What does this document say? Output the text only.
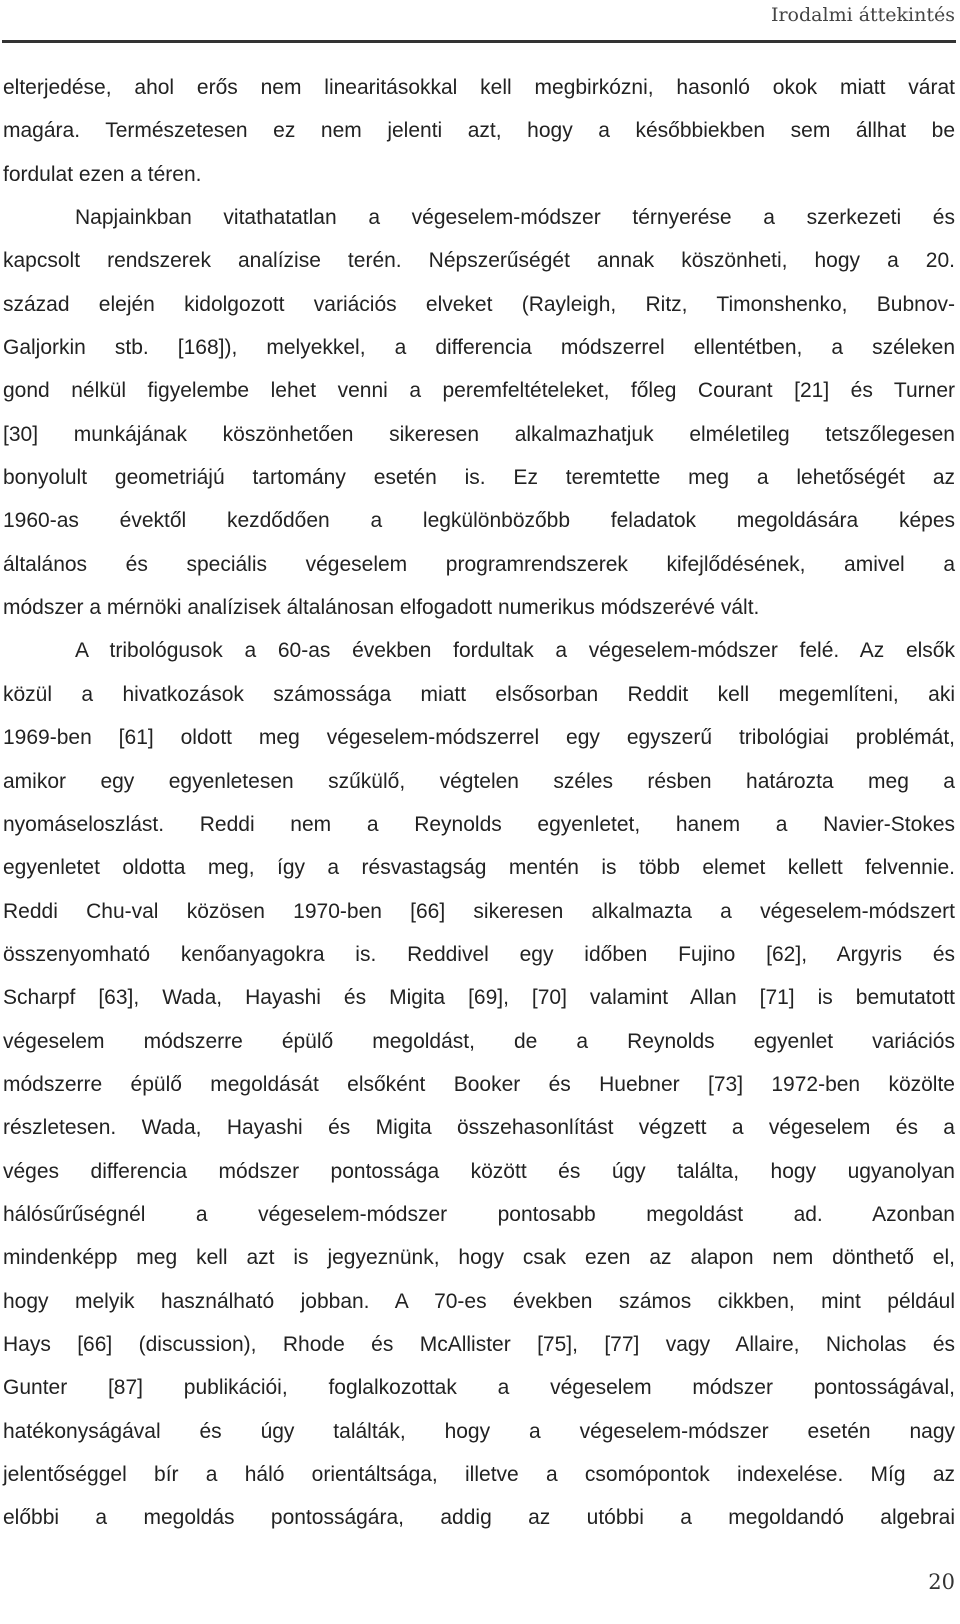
Irodalmi áttekintés
elterjedése, ahol erős nem linearitásokkal kell megbirkózni, hasonló okok miatt várat
magára. Természetesen ez nem jelenti azt, hogy a későbbiekben sem állhat be
fordulat ezen a téren.
Napjainkban vitathatatlan a végeselem-módszer térnyerése a szerkezeti és
kapcsolt rendszerek analízise terén. Népszerűségét annak köszönheti, hogy a 20.
század elején kidolgozott variációs elveket (Rayleigh, Ritz, Timonshenko, Bubnov-
Galjorkin stb. [168]), melyekkel, a differencia módszerrel ellentétben, a széleken
gond nélkül figyelembe lehet venni a peremfeltételeket, főleg Courant [21] és Turner
[30] munkájának köszönhetően sikeresen alkalmazhatjuk elméletileg tetszőlegesen
bonyolult geometriájú tartomány esetén is. Ez teremtette meg a lehetőségét az
1960-as évektől kezdődően a legkülönbözőbb feladatok megoldására képes
általános és speciális végeselem programrendszerek kifejlődésének, amivel a
módszer a mérnöki analízisek általánosan elfogadott numerikus módszerévé vált.
A tribológusok a 60-as években fordultak a végeselem-módszer felé. Az elsők
közül a hivatkozások számossága miatt elsősorban Reddit kell megemlíteni, aki
1969-ben [61] oldott meg végeselem-módszerrel egy egyszerű tribológiai problémát,
amikor egy egyenletesen szűkülő, végtelen széles résben határozta meg a
nyomáseloszlást. Reddi nem a Reynolds egyenletet, hanem a Navier-Stokes
egyenletet oldotta meg, így a résvastagság mentén is több elemet kellett felvennie.
Reddi Chu-val közösen 1970-ben [66] sikeresen alkalmazta a végeselem-módszert
összenyomható kenőanyagokra is. Reddivel egy időben Fujino [62], Argyris és
Scharpf [63], Wada, Hayashi és Migita [69], [70] valamint Allan [71] is bemutatott
végeselem módszerre épülő megoldást, de a Reynolds egyenlet variációs
módszerre épülő megoldását elsőként Booker és Huebner [73] 1972-ben közölte
részletesen. Wada, Hayashi és Migita összehasonlítást végzett a végeselem és a
véges differencia módszer pontossága között és úgy találta, hogy ugyanolyan
hálósűrűségnél a végeselem-módszer pontosabb megoldást ad. Azonban
mindenképp meg kell azt is jegyeznünk, hogy csak ezen az alapon nem dönthető el,
hogy melyik használható jobban. A 70-es években számos cikkben, mint például
Hays [66] (discussion), Rhode és McAllister [75], [77] vagy Allaire, Nicholas és
Gunter [87] publikációi, foglalkozottak a végeselem módszer pontosságával,
hatékonyságával és úgy találták, hogy a végeselem-módszer esetén nagy
jelentőséggel bír a háló orientáltsága, illetve a csomópontok indexelése. Míg az
előbbi a megoldás pontosságára, addig az utóbbi a megoldandó algebrai
20
